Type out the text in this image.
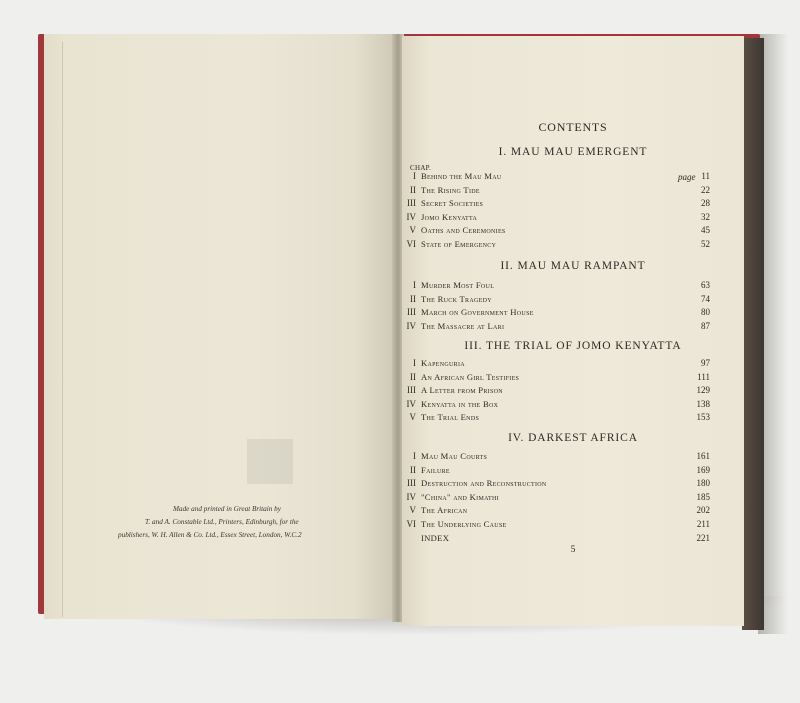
Made and printed in Great Britain by
T. and A. Constable Ltd., Printers, Edinburgh, for the
publishers, W. H. Allen & Co. Ltd., Essex Street, London, W.C.2
CONTENTS
CHAP.
page
5
I. MAU MAU EMERGENT
I Behind the Mau Mau	11
II The Rising Tide	22
III Secret Societies	28
IV Jomo Kenyatta	32
V Oaths and Ceremonies	45
VI State of Emergency	52
II. MAU MAU RAMPANT
I Murder Most Foul	63
II The Ruck Tragedy	74
III March on Government House	80
IV The Massacre at Lari	87
III. THE TRIAL OF JOMO KENYATTA
I Kapenguria	97
II An African Girl Testifies	111
III A Letter from Prison	129
IV Kenyatta in the Box	138
V The Trial Ends	153
IV. DARKEST AFRICA
I Mau Mau Courts	161
II Failure	169
III Destruction and Reconstruction	180
IV "China" and Kimathi	185
V The African	202
VI The Underlying Cause	211
INDEX	221
